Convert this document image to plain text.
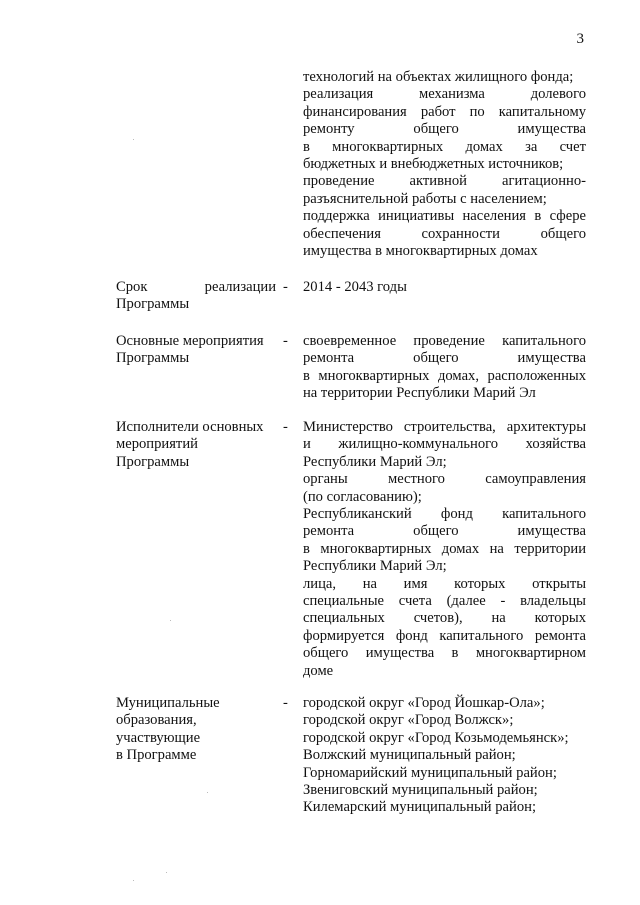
3
технологий на объектах жилищного фонда;
реализация механизма долевого
финансирования работ по капитальному
ремонту общего имущества
в многоквартирных домах за счет
бюджетных и внебюджетных источников;
проведение активной агитационно-
разъяснительной работы с населением;
поддержка инициативы населения в сфере
обеспечения сохранности общего
имущества в многоквартирных домах
Срок реализации
Программы
- 2014 - 2043 годы
Основные мероприятия
Программы
- своевременное проведение капитального
ремонта общего имущества
в многоквартирных домах, расположенных
на территории Республики Марий Эл
Исполнители основных
мероприятий
Программы
- Министерство строительства, архитектуры
и жилищно-коммунального хозяйства
Республики Марий Эл;
органы местного самоуправления
(по согласованию);
Республиканский фонд капитального
ремонта общего имущества
в многоквартирных домах на территории
Республики Марий Эл;
лица, на имя которых открыты
специальные счета (далее - владельцы
специальных счетов), на которых
формируется фонд капитального ремонта
общего имущества в многоквартирном
доме
Муниципальные
образования,
участвующие
в Программе
- городской округ «Город Йошкар-Ола»;
городской округ «Город Волжск»;
городской округ «Город Козьмодемьянск»;
Волжский муниципальный район;
Горномарийский муниципальный район;
Звениговский муниципальный район;
Килемарский муниципальный район;
